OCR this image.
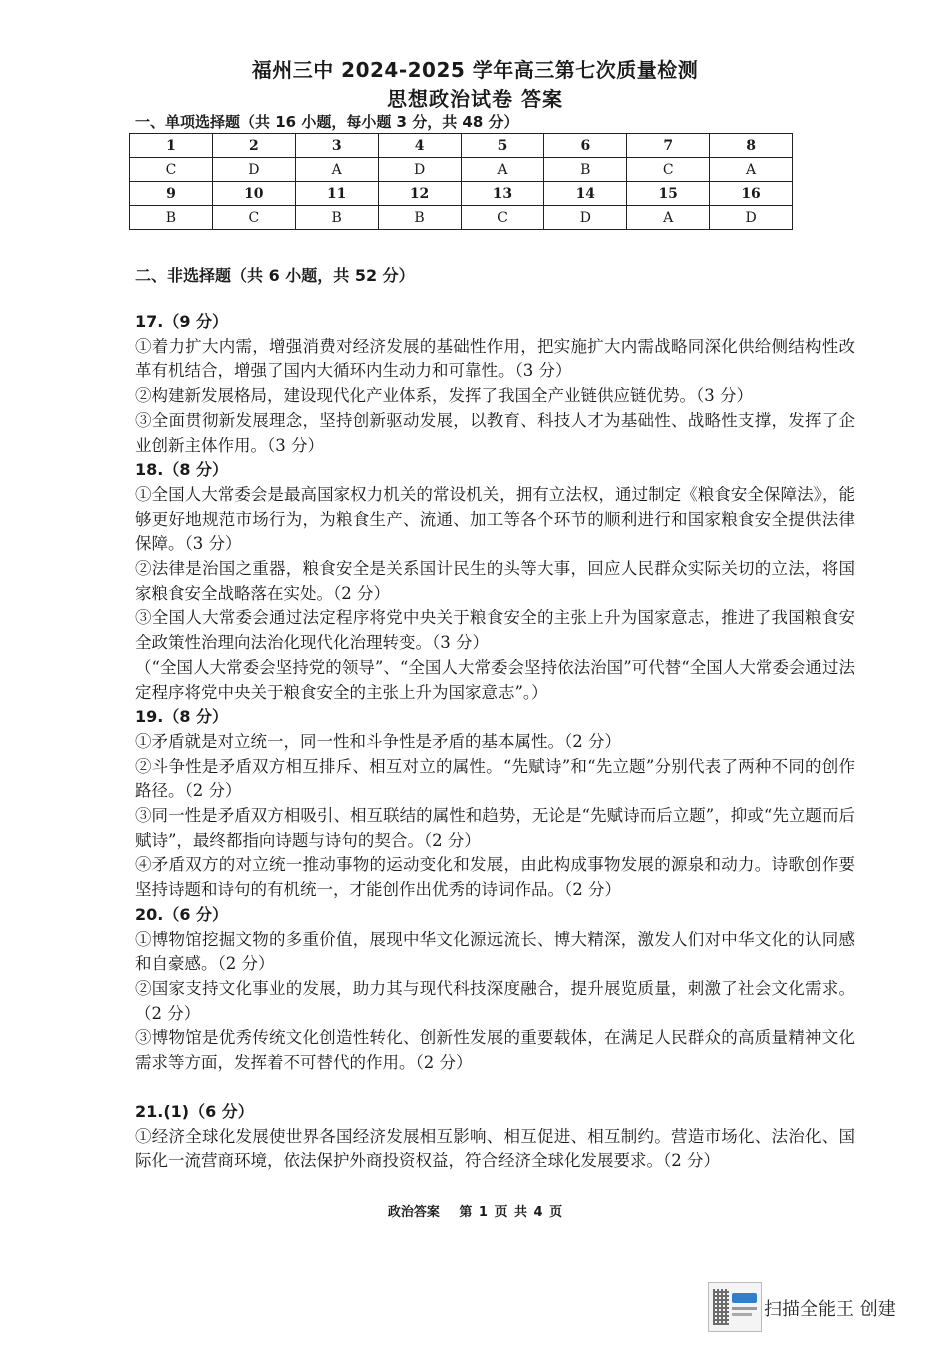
福州三中 2024-2025 学年高三第七次质量检测
思想政治试卷 答案
一、单项选择题（共 16 小题，每小题 3 分，共 48 分）
1	2	3	4	5	6	7	8
C	D	A	D	A	B	C	A
9	10	11	12	13	14	15	16
B	C	B	B	C	D	A	D
二、非选择题（共 6 小题，共 52 分）
17.（9 分）

①着力扩大内需，增强消费对经济发展的基础性作用，把实施扩大内需战略同深化供给侧结构性改革有机结合，增强了国内大循环内生动力和可靠性。（3 分）

②构建新发展格局，建设现代化产业体系，发挥了我国全产业链供应链优势。（3 分）

③全面贯彻新发展理念，坚持创新驱动发展，以教育、科技人才为基础性、战略性支撑，发挥了企业创新主体作用。（3 分）

18.（8 分）

①全国人大常委会是最高国家权力机关的常设机关，拥有立法权，通过制定《粮食安全保障法》，能够更好地规范市场行为，为粮食生产、流通、加工等各个环节的顺利进行和国家粮食安全提供法律保障。（3 分）

②法律是治国之重器，粮食安全是关系国计民生的头等大事，回应人民群众实际关切的立法，将国家粮食安全战略落在实处。（2 分）

③全国人大常委会通过法定程序将党中央关于粮食安全的主张上升为国家意志，推进了我国粮食安全政策性治理向法治化现代化治理转变。（3 分）

（“全国人大常委会坚持党的领导”、“全国人大常委会坚持依法治国”可代替“全国人大常委会通过法定程序将党中央关于粮食安全的主张上升为国家意志”。）

19.（8 分）

①矛盾就是对立统一，同一性和斗争性是矛盾的基本属性。（2 分）

②斗争性是矛盾双方相互排斥、相互对立的属性。“先赋诗”和“先立题”分别代表了两种不同的创作路径。（2 分）

③同一性是矛盾双方相吸引、相互联结的属性和趋势，无论是“先赋诗而后立题”，抑或“先立题而后赋诗”，最终都指向诗题与诗句的契合。（2 分）

④矛盾双方的对立统一推动事物的运动变化和发展，由此构成事物发展的源泉和动力。诗歌创作要坚持诗题和诗句的有机统一，才能创作出优秀的诗词作品。（2 分）

20.（6 分）

①博物馆挖掘文物的多重价值，展现中华文化源远流长、博大精深，激发人们对中华文化的认同感和自豪感。（2 分）

②国家支持文化事业的发展，助力其与现代科技深度融合，提升展览质量，刺激了社会文化需求。（2 分）

③博物馆是优秀传统文化创造性转化、创新性发展的重要载体，在满足人民群众的高质量精神文化需求等方面，发挥着不可替代的作用。（2 分）

21.(1)（6 分）

①经济全球化发展使世界各国经济发展相互影响、相互促进、相互制约。营造市场化、法治化、国际化一流营商环境，依法保护外商投资权益，符合经济全球化发展要求。（2 分）

政治答案　 第 1 页 共 4 页
扫描全能王 创建
